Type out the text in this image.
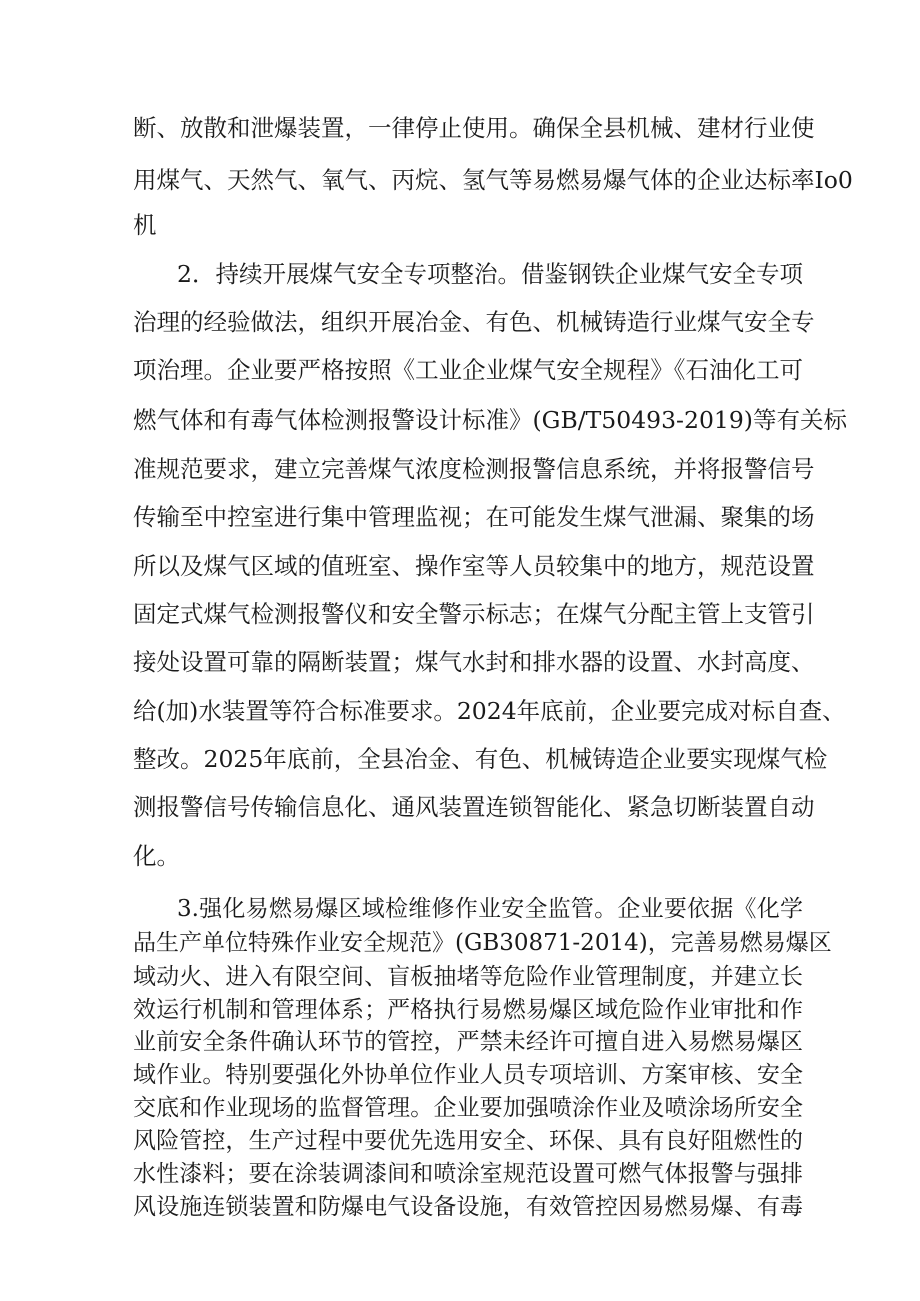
断、放散和泄爆装置，一律停止使用。确保全县机械、建材行业使
用煤气、天然气、氧气、丙烷、氢气等易燃易爆气体的企业达标率Io0
机
2．持续开展煤气安全专项整治。借鉴钢铁企业煤气安全专项
治理的经验做法，组织开展冶金、有色、机械铸造行业煤气安全专
项治理。企业要严格按照《工业企业煤气安全规程》《石油化工可
燃气体和有毒气体检测报警设计标准》(GB/T50493-2019)等有关标
准规范要求，建立完善煤气浓度检测报警信息系统，并将报警信号
传输至中控室进行集中管理监视；在可能发生煤气泄漏、聚集的场
所以及煤气区域的值班室、操作室等人员较集中的地方，规范设置
固定式煤气检测报警仪和安全警示标志；在煤气分配主管上支管引
接处设置可靠的隔断装置；煤气水封和排水器的设置、水封高度、
给(加)水装置等符合标准要求。2024年底前，企业要完成对标自查、
整改。2025年底前，全县冶金、有色、机械铸造企业要实现煤气检
测报警信号传输信息化、通风装置连锁智能化、紧急切断装置自动
化。
3.强化易燃易爆区域检维修作业安全监管。企业要依据《化学
品生产单位特殊作业安全规范》(GB30871-2014)，完善易燃易爆区
域动火、进入有限空间、盲板抽堵等危险作业管理制度，并建立长
效运行机制和管理体系；严格执行易燃易爆区域危险作业审批和作
业前安全条件确认环节的管控，严禁未经许可擅自进入易燃易爆区
域作业。特别要强化外协单位作业人员专项培训、方案审核、安全
交底和作业现场的监督管理。企业要加强喷涂作业及喷涂场所安全
风险管控，生产过程中要优先选用安全、环保、具有良好阻燃性的
水性漆料；要在涂装调漆间和喷涂室规范设置可燃气体报警与强排
风设施连锁装置和防爆电气设备设施，有效管控因易燃易爆、有毒
